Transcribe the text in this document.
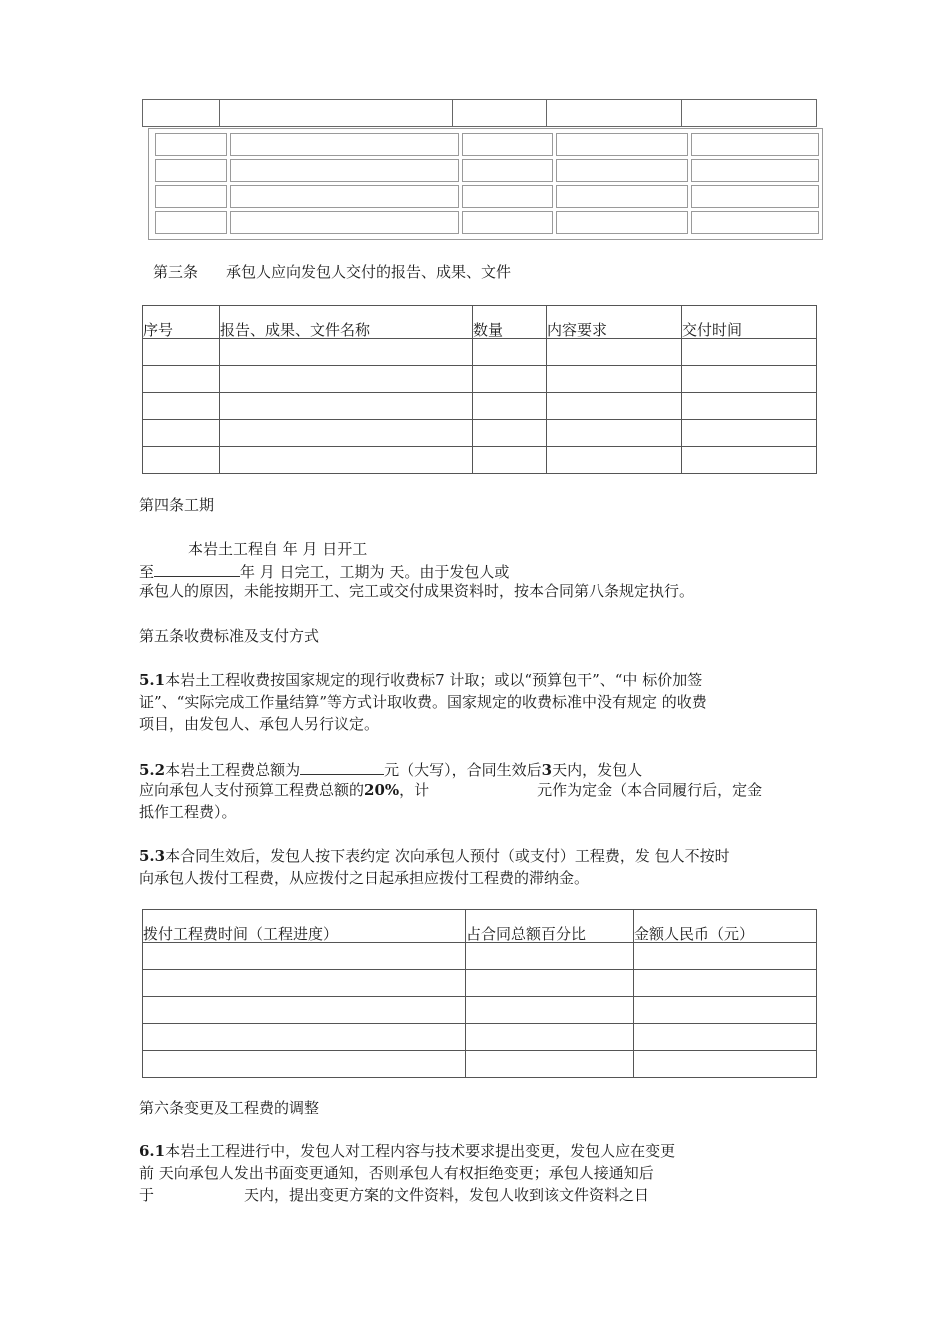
第三条 承包人应向发包人交付的报告、成果、文件
序号	报告、成果、文件名称	数量	内容要求	交付时间

第四条工期
本岩土工程自 年 月 日开工
至	年 月 日完工，工期为 天。由于发包人或
承包人的原因，未能按期开工、完工或交付成果资料时，按本合同第八条规定执行。
第五条收费标准及支付方式
5.1本岩土工程收费按国家规定的现行收费标7 计取；或以“预算包干”、“中 标价加签
证”、“实际完成工作量结算”等方式计取收费。国家规定的收费标准中没有规定 的收费
项目，由发包人、承包人另行议定。
5.2本岩土工程费总额为	元（大写），合同生效后3天内，发包人
应向承包人支付预算工程费总额的20%，计	元作为定金（本合同履行后，定金
抵作工程费）。
5.3本合同生效后，发包人按下表约定 次向承包人预付（或支付）工程费，发 包人不按时
向承包人拨付工程费，从应拨付之日起承担应拨付工程费的滞纳金。
拨付工程费时间（工程进度）	占合同总额百分比	金额人民币（元）

第六条变更及工程费的调整
6.1本岩土工程进行中，发包人对工程内容与技术要求提出变更，发包人应在变更
前 天向承包人发出书面变更通知，否则承包人有权拒绝变更；承包人接通知后
于	天内，提出变更方案的文件资料，发包人收到该文件资料之日
